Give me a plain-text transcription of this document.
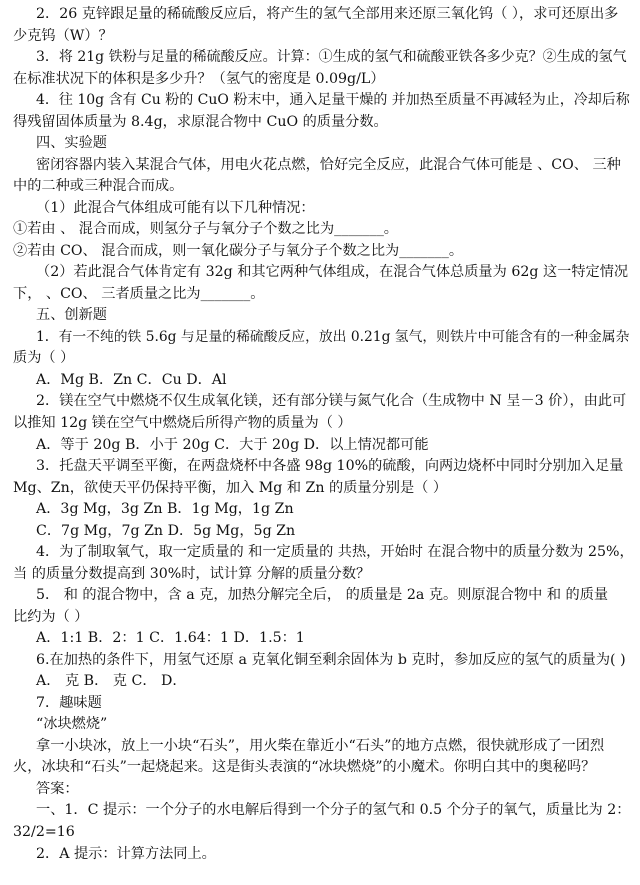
2．26 克锌跟足量的稀硫酸反应后，将产生的氢气全部用来还原三氧化钨（ ），求可还原出多
少克钨（W）？
3．将 21g 铁粉与足量的稀硫酸反应。计算：①生成的氢气和硫酸亚铁各多少克？②生成的氢气
在标准状况下的体积是多少升？（氢气的密度是 0.09g/L）
4．往 10g 含有 Cu 粉的 CuO 粉末中，通入足量干燥的 并加热至质量不再减轻为止，冷却后称
得残留固体质量为 8.4g，求原混合物中 CuO 的质量分数。
四、实验题
密闭容器内装入某混合气体，用电火花点燃，恰好完全反应，此混合气体可能是 、CO、 三种
中的二种或三种混合而成。
（1）此混合气体组成可能有以下几种情况：
①若由 、 混合而成，则氢分子与氧分子个数之比为_______。
②若由 CO、 混合而成，则一氧化碳分子与氧分子个数之比为_______。
（2）若此混合气体肯定有 32g 和其它两种气体组成，在混合气体总质量为 62g 这一特定情况
下， 、CO、 三者质量之比为_______。
五、创新题
1．有一不纯的铁 5.6g 与足量的稀硫酸反应，放出 0.21g 氢气，则铁片中可能含有的一种金属杂
质为（ ）
A．Mg B．Zn C．Cu D．Al
2．镁在空气中燃烧不仅生成氧化镁，还有部分镁与氮气化合（生成物中 N 呈－3 价），由此可
以推知 12g 镁在空气中燃烧后所得产物的质量为（ ）
A．等于 20g B．小于 20g C．大于 20g D．以上情况都可能
3．托盘天平调至平衡，在两盘烧杯中各盛 98g 10%的硫酸，向两边烧杯中同时分别加入足量
Mg、Zn，欲使天平仍保持平衡，加入 Mg 和 Zn 的质量分别是（ ）
A．3g Mg，3g Zn B．1g Mg，1g Zn
C．7g Mg，7g Zn D．5g Mg，5g Zn
4．为了制取氧气，取一定质量的 和一定质量的 共热，开始时 在混合物中的质量分数为 25%，
当 的质量分数提高到 30%时，试计算 分解的质量分数？
5． 和 的混合物中，含 a 克，加热分解完全后， 的质量是 2a 克。则原混合物中 和 的质量
比约为（ ）
A．1:1 B．2：1 C．1.64：1 D．1.5：1
6.在加热的条件下，用氢气还原 a 克氧化铜至剩余固体为 b 克时，参加反应的氢气的质量为( )
A． 克 B． 克 C． D．
7．趣味题
“冰块燃烧”
拿一小块冰，放上一小块“石头”，用火柴在靠近小“石头”的地方点燃，很快就形成了一团烈
火，冰块和“石头”一起烧起来。这是街头表演的“冰块燃烧”的小魔术。你明白其中的奥秘吗？
答案：
一、1．C 提示：一个分子的水电解后得到一个分子的氢气和 0.5 个分子的氧气，质量比为 2：
32/2=16
2．A 提示：计算方法同上。
